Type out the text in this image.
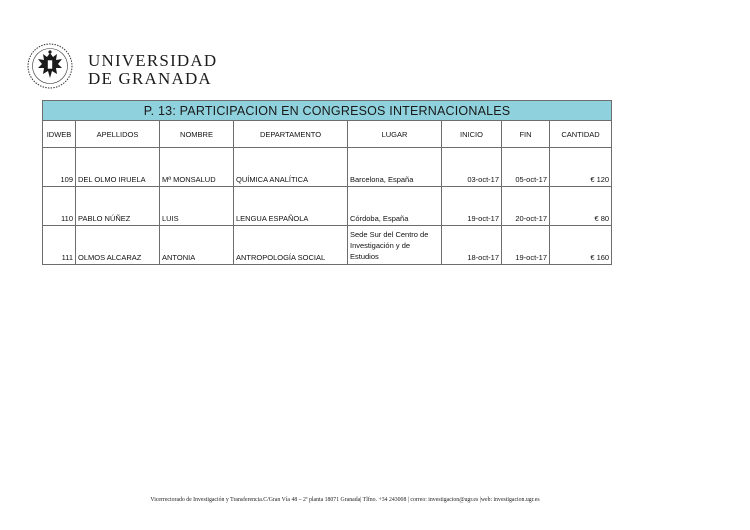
UNIVERSIDAD
DE GRANADA
P. 13: PARTICIPACION EN CONGRESOS INTERNACIONALES							
IDWEB	APELLIDOS	NOMBRE	DEPARTAMENTO	LUGAR	INICIO	FIN	CANTIDAD
109	DEL OLMO IRUELA	Mª MONSALUD	QUÍMICA ANALÍTICA	Barcelona, España	03-oct-17	05-oct-17	€ 120
110	PABLO NÚÑEZ	LUIS	LENGUA ESPAÑOLA	Córdoba, España	19-oct-17	20-oct-17	€ 80
111	OLMOS ALCARAZ	ANTONIA	ANTROPOLOGÍA SOCIAL	Sede Sur del Centro de Investigación y de Estudios	18-oct-17	19-oct-17	€ 160
Vicerrectorado de Investigación y Transferencia.C/Gran Vía 48 – 2ª planta 18071 Granada| Tlfno. +34 243008 | correo: investigacion@ugr.es |web: investigacion.ugr.es
